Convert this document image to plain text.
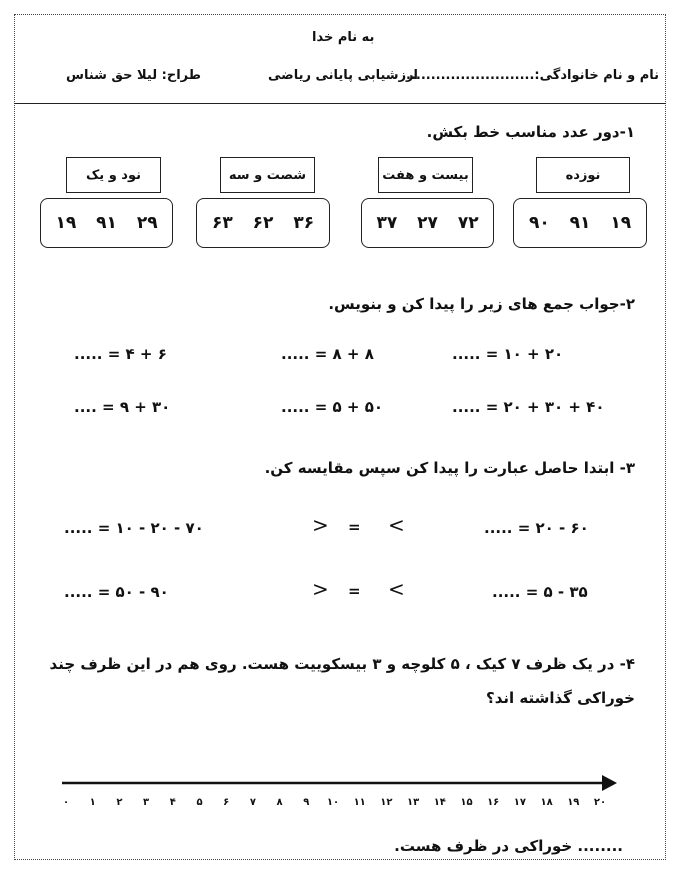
به نام خدا
نام و نام خانوادگی:..........................
ارزشیابی پایانی ریاضی
طراح: لیلا حق شناس
۱-دور عدد مناسب خط بکش.
نوزده
۱۹ ۹۱ ۹۰
بیست و هفت
۷۲ ۲۷ ۳۷
شصت و سه
۳۶ ۶۲ ۶۳
نود و یک
۲۹ ۹۱ ۱۹
۲-جواب جمع های زیر را پیدا کن و بنویس.
۲۰ + ۱۰ = .....
۸ + ۸ = .....
۶ + ۴ = .....
۴۰ + ۳۰ + ۲۰ = .....
۵۰ + ۵ = .....
۳۰ + ۹ = ....
۳- ابتدا حاصل عبارت را پیدا کن سپس مقایسه کن.
۶۰ - ۲۰ = .....
<
=
>
۷۰ - ۲۰ - ۱۰ = .....
۳۵ - ۵ = .....
<
=
>
۹۰ - ۵۰ = .....
۴- در یک ظرف ۷ کیک ، ۵ کلوچه و ۳ بیسکوییت هست. روی هم در این ظرف چند
خوراکی گذاشته اند؟
۰ ۱ ۲ ۳ ۴ ۵ ۶ ۷ ۸ ۹ ۱۰ ۱۱ ۱۲ ۱۳ ۱۴ ۱۵ ۱۶ ۱۷ ۱۸ ۱۹ ۲۰
........ خوراکی در ظرف هست.
